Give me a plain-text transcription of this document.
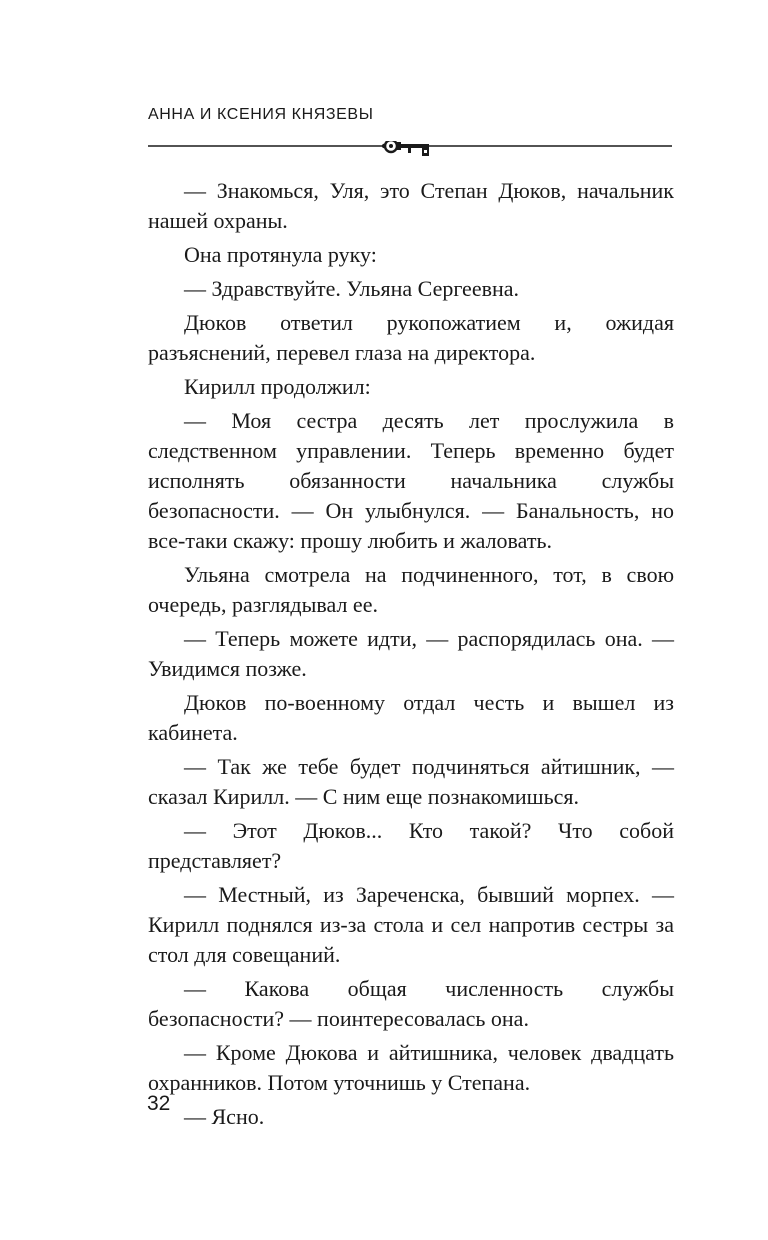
АННА И КСЕНИЯ КНЯЗЕВЫ

— Знакомься, Уля, это Степан Дюков, начальник нашей охраны.

Она протянула руку:

— Здравствуйте. Ульяна Сергеевна.

Дюков ответил рукопожатием и, ожидая разъяснений, перевел глаза на директора.

Кирилл продолжил:

— Моя сестра десять лет прослужила в следственном управлении. Теперь временно будет исполнять обязанности начальника службы безопасности. — Он улыбнулся. — Банальность, но все-таки скажу: прошу любить и жаловать.

Ульяна смотрела на подчиненного, тот, в свою очередь, разглядывал ее.

— Теперь можете идти, — распорядилась она. — Увидимся позже.

Дюков по-военному отдал честь и вышел из кабинета.

— Так же тебе будет подчиняться айтишник, — сказал Кирилл. — С ним еще познакомишься.

— Этот Дюков... Кто такой? Что собой представляет?

— Местный, из Зареченска, бывший морпех. — Кирилл поднялся из-за стола и сел напротив сестры за стол для совещаний.

— Какова общая численность службы безопасности? — поинтересовалась она.

— Кроме Дюкова и айтишника, человек двадцать охранников. Потом уточнишь у Степана.

— Ясно.

32
